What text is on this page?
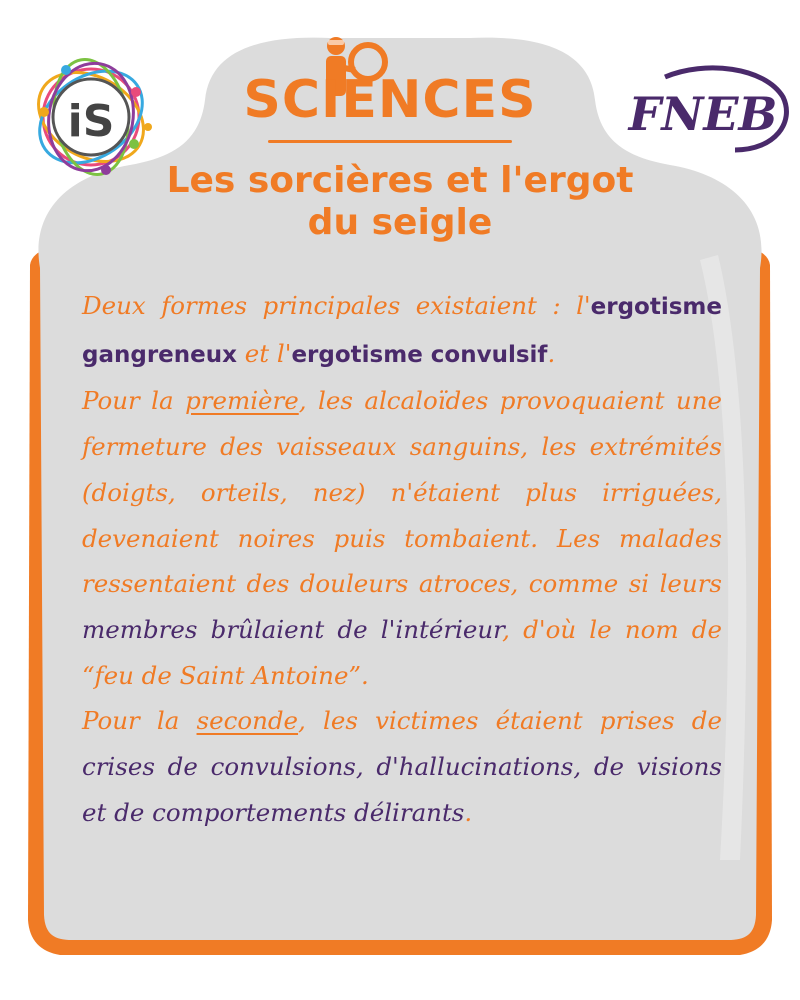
iS	FNEB
SCIENCES
Les sorcières et l'ergot
du seigle

Deux formes principales existaient : l'ergotisme gangreneux et l'ergotisme convulsif.

Pour la première, les alcaloïdes provoquaient une fermeture des vaisseaux sanguins, les extrémités (doigts, orteils, nez) n'étaient plus irriguées, devenaient noires puis tombaient. Les malades ressentaient des douleurs atroces, comme si leurs membres brûlaient de l'intérieur, d'où le nom de “feu de Saint Antoine”.

Pour la seconde, les victimes étaient prises de crises de convulsions, d'hallucinations, de visions et de comportements délirants.
